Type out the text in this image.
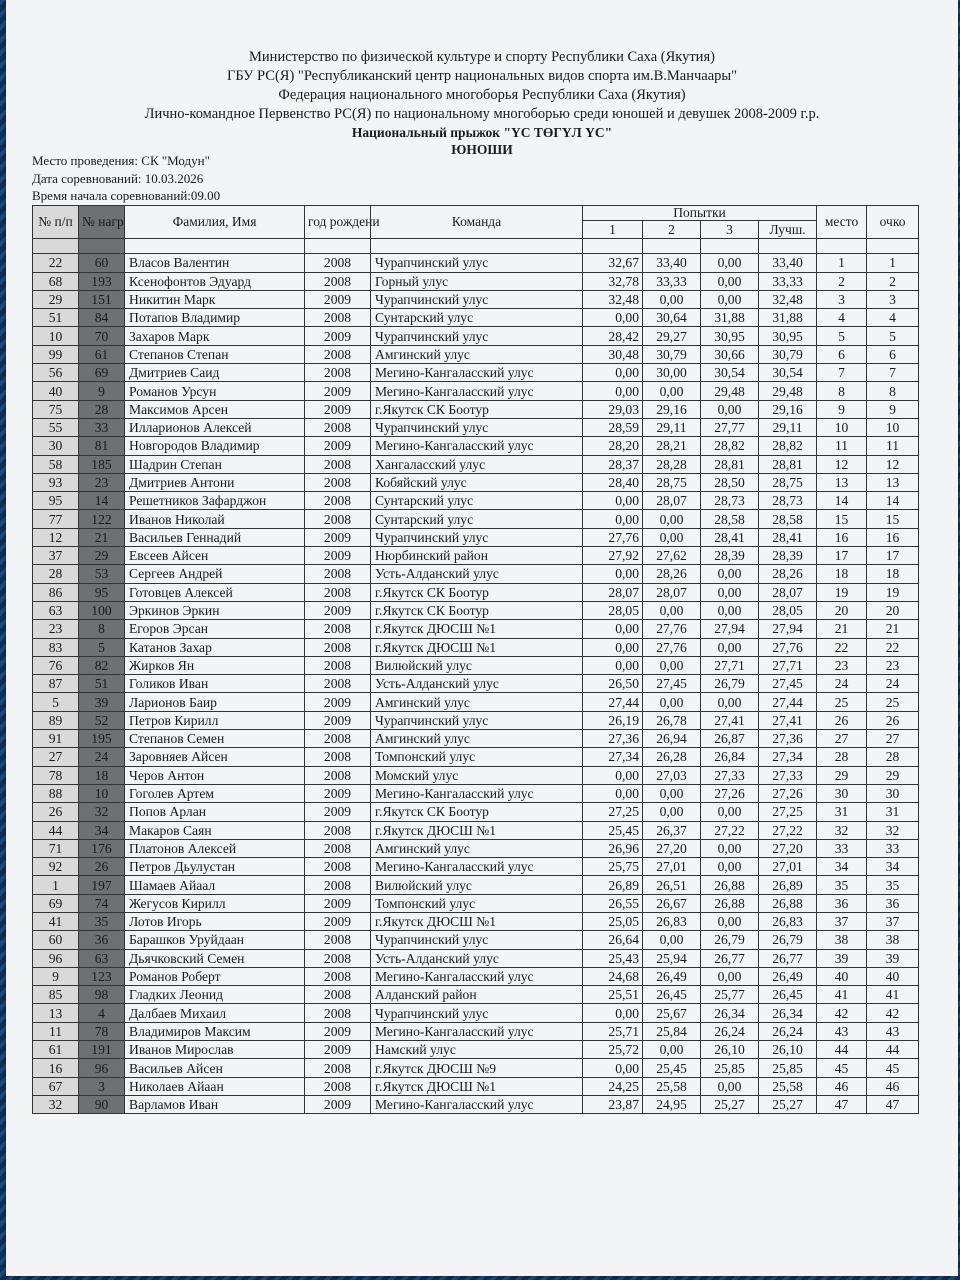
Министерство по физической культуре и спорту Республики Саха (Якутия)
ГБУ РС(Я) "Республиканский центр национальных видов спорта им.В.Манчаары"
Федерация национального многоборья Республики Саха (Якутия)
Лично-командное Первенство РС(Я) по национальному многоборью среди юношей и девушек 2008-2009 г.р.
Национальный прыжок "ҮС ТӨГҮЛ ҮС"
ЮНОШИ
Место проведения: СК "Модун"
Дата соревнований: 10.03.2026
Время начала соревнований:09.00
№ п/п	№ нагр	Фамилия, Имя	год рождени	Команда	Попытки				место	очко
					1	2	3	Лучш.		

22	60	Власов Валентин	2008	Чурапчинский улус	32,67	33,40	0,00	33,40	1	1
68	193	Ксенофонтов Эдуард	2008	Горный улус	32,78	33,33	0,00	33,33	2	2
29	151	Никитин Марк	2009	Чурапчинский улус	32,48	0,00	0,00	32,48	3	3
51	84	Потапов Владимир	2008	Сунтарский улус	0,00	30,64	31,88	31,88	4	4
10	70	Захаров Марк	2009	Чурапчинский улус	28,42	29,27	30,95	30,95	5	5
99	61	Степанов Степан	2008	Амгинский улус	30,48	30,79	30,66	30,79	6	6
56	69	Дмитриев Саид	2008	Мегино-Кангаласский улус	0,00	30,00	30,54	30,54	7	7
40	9	Романов Урсун	2009	Мегино-Кангаласский улус	0,00	0,00	29,48	29,48	8	8
75	28	Максимов Арсен	2009	г.Якутск СК Боотур	29,03	29,16	0,00	29,16	9	9
55	33	Илларионов Алексей	2008	Чурапчинский улус	28,59	29,11	27,77	29,11	10	10
30	81	Новгородов Владимир	2009	Мегино-Кангаласский улус	28,20	28,21	28,82	28,82	11	11
58	185	Шадрин Степан	2008	Хангаласский улус	28,37	28,28	28,81	28,81	12	12
93	23	Дмитриев Антони	2008	Кобяйский улус	28,40	28,75	28,50	28,75	13	13
95	14	Решетников Зафарджон	2008	Сунтарский улус	0,00	28,07	28,73	28,73	14	14
77	122	Иванов Николай	2008	Сунтарский улус	0,00	0,00	28,58	28,58	15	15
12	21	Васильев Геннадий	2009	Чурапчинский улус	27,76	0,00	28,41	28,41	16	16
37	29	Евсеев Айсен	2009	Нюрбинский район	27,92	27,62	28,39	28,39	17	17
28	53	Сергеев Андрей	2008	Усть-Алданский улус	0,00	28,26	0,00	28,26	18	18
86	95	Готовцев Алексей	2008	г.Якутск СК Боотур	28,07	28,07	0,00	28,07	19	19
63	100	Эркинов Эркин	2009	г.Якутск СК Боотур	28,05	0,00	0,00	28,05	20	20
23	8	Егоров Эрсан	2008	г.Якутск ДЮСШ №1	0,00	27,76	27,94	27,94	21	21
83	5	Катанов Захар	2008	г.Якутск ДЮСШ №1	0,00	27,76	0,00	27,76	22	22
76	82	Жирков Ян	2008	Вилюйский улус	0,00	0,00	27,71	27,71	23	23
87	51	Голиков Иван	2008	Усть-Алданский улус	26,50	27,45	26,79	27,45	24	24
5	39	Ларионов Баир	2009	Амгинский улус	27,44	0,00	0,00	27,44	25	25
89	52	Петров Кирилл	2009	Чурапчинский улус	26,19	26,78	27,41	27,41	26	26
91	195	Степанов Семен	2008	Амгинский улус	27,36	26,94	26,87	27,36	27	27
27	24	Заровняев Айсен	2008	Томпонский улус	27,34	26,28	26,84	27,34	28	28
78	18	Черов Антон	2008	Момский улус	0,00	27,03	27,33	27,33	29	29
88	10	Гоголев Артем	2009	Мегино-Кангаласский улус	0,00	0,00	27,26	27,26	30	30
26	32	Попов Арлан	2009	г.Якутск СК Боотур	27,25	0,00	0,00	27,25	31	31
44	34	Макаров Саян	2008	г.Якутск ДЮСШ №1	25,45	26,37	27,22	27,22	32	32
71	176	Платонов Алексей	2008	Амгинский улус	26,96	27,20	0,00	27,20	33	33
92	26	Петров Дьулустан	2008	Мегино-Кангаласский улус	25,75	27,01	0,00	27,01	34	34
1	197	Шамаев Айаал	2008	Вилюйский улус	26,89	26,51	26,88	26,89	35	35
69	74	Жегусов Кирилл	2009	Томпонский улус	26,55	26,67	26,88	26,88	36	36
41	35	Лотов Игорь	2009	г.Якутск ДЮСШ №1	25,05	26,83	0,00	26,83	37	37
60	36	Барашков Уруйдаан	2008	Чурапчинский улус	26,64	0,00	26,79	26,79	38	38
96	63	Дьячковский Семен	2008	Усть-Алданский улус	25,43	25,94	26,77	26,77	39	39
9	123	Романов Роберт	2008	Мегино-Кангаласский улус	24,68	26,49	0,00	26,49	40	40
85	98	Гладких Леонид	2008	Алданский район	25,51	26,45	25,77	26,45	41	41
13	4	Далбаев Михаил	2008	Чурапчинский улус	0,00	25,67	26,34	26,34	42	42
11	78	Владимиров Максим	2009	Мегино-Кангаласский улус	25,71	25,84	26,24	26,24	43	43
61	191	Иванов Мирослав	2009	Намский улус	25,72	0,00	26,10	26,10	44	44
16	96	Васильев Айсен	2008	г.Якутск ДЮСШ №9	0,00	25,45	25,85	25,85	45	45
67	3	Николаев Айаан	2008	г.Якутск ДЮСШ №1	24,25	25,58	0,00	25,58	46	46
32	90	Варламов Иван	2009	Мегино-Кангаласский улус	23,87	24,95	25,27	25,27	47	47
